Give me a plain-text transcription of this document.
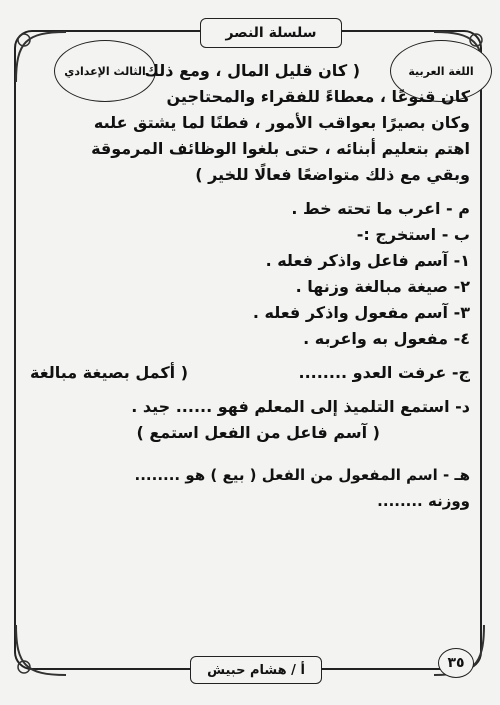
سلسلة النصر
اللغة العربية
الثالث الإعدادي
( كان قليل المال ، ومع ذلك
كان قنوعًا ، معطاءً للفقراء والمحتاجين
وكان بصيرًا بعواقب الأمور ، فطنًا لما يشتق علىه
اهتم بتعليم أبنائه ، حتى بلغوا الوظائف المرموقة
وبقي مع ذلك متواضعًا فعالًا للخير )
م - اعرب ما تحته خط .
ب - استخرج :-
١- آسم فاعل واذكر فعله .
٢- صيغة مبالغة وزنها .
٣- آسم مفعول واذكر فعله .
٤- مفعول به واعربه .
ج- عرفت العدو ........
( أكمل بصيغة مبالغة
د- استمع التلميذ إلى المعلم فهو ...... جيد .
( آسم فاعل من الفعل استمع )
هـ - اسم المفعول من الفعل ( بيع ) هو ........
ووزنه ........
أ / هشام حبيش	٣٥
